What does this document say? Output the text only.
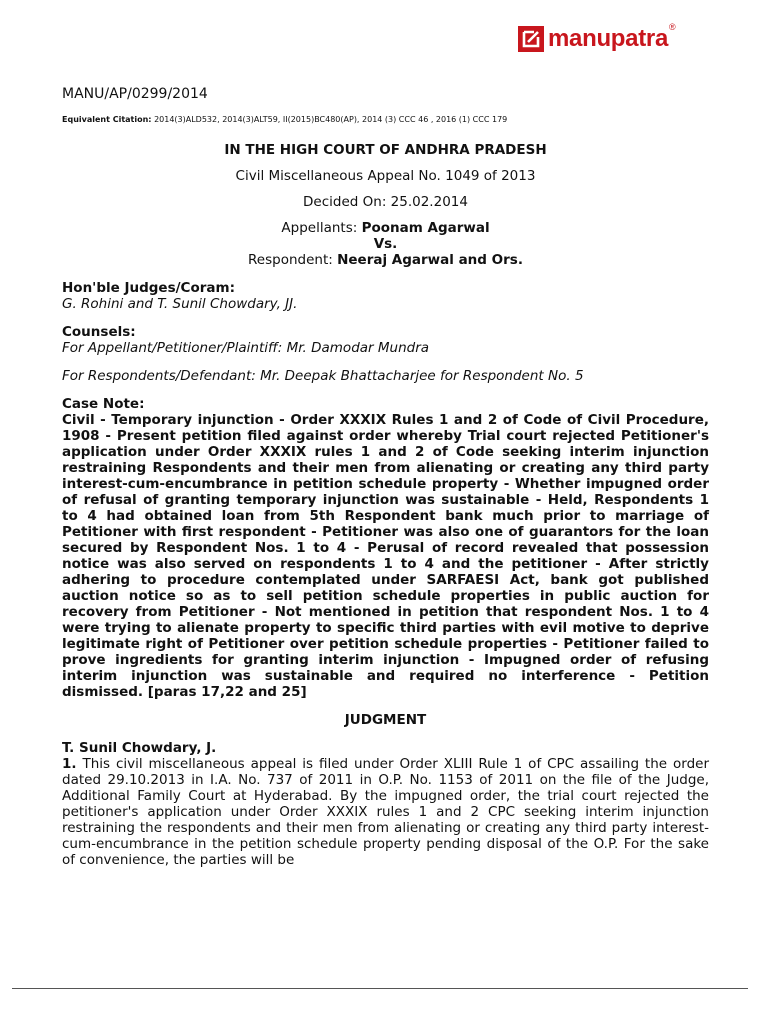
manupatra ®
MANU/AP/0299/2014
Equivalent Citation: 2014(3)ALD532, 2014(3)ALT59, II(2015)BC480(AP), 2014 (3) CCC 46 , 2016 (1) CCC 179
IN THE HIGH COURT OF ANDHRA PRADESH
Civil Miscellaneous Appeal No. 1049 of 2013
Decided On: 25.02.2014
Appellants: Poonam Agarwal
Vs.
Respondent: Neeraj Agarwal and Ors.
Hon'ble Judges/Coram:
G. Rohini and T. Sunil Chowdary, JJ.
Counsels:
For Appellant/Petitioner/Plaintiff: Mr. Damodar Mundra
For Respondents/Defendant: Mr. Deepak Bhattacharjee for Respondent No. 5
Case Note:

Civil - Temporary injunction - Order XXXIX Rules 1 and 2 of Code of Civil Procedure, 1908 - Present petition filed against order whereby Trial court rejected Petitioner's application under Order XXXIX rules 1 and 2 of Code seeking interim injunction restraining Respondents and their men from alienating or creating any third party interest-cum-encumbrance in petition schedule property - Whether impugned order of refusal of granting temporary injunction was sustainable - Held, Respondents 1 to 4 had obtained loan from 5th Respondent bank much prior to marriage of Petitioner with first respondent - Petitioner was also one of guarantors for the loan secured by Respondent Nos. 1 to 4 - Perusal of record revealed that possession notice was also served on respondents 1 to 4 and the petitioner - After strictly adhering to procedure contemplated under SARFAESI Act, bank got published auction notice so as to sell petition schedule properties in public auction for recovery from Petitioner - Not mentioned in petition that respondent Nos. 1 to 4 were trying to alienate property to specific third parties with evil motive to deprive legitimate right of Petitioner over petition schedule properties - Petitioner failed to prove ingredients for granting interim injunction - Impugned order of refusing interim injunction was sustainable and required no interference - Petition dismissed. [paras 17,22 and 25]

JUDGMENT
T. Sunil Chowdary, J.

1. This civil miscellaneous appeal is filed under Order XLIII Rule 1 of CPC assailing the order dated 29.10.2013 in I.A. No. 737 of 2011 in O.P. No. 1153 of 2011 on the file of the Judge, Additional Family Court at Hyderabad. By the impugned order, the trial court rejected the petitioner's application under Order XXXIX rules 1 and 2 CPC seeking interim injunction restraining the respondents and their men from alienating or creating any third party interest-cum-encumbrance in the petition schedule property pending disposal of the O.P. For the sake of convenience, the parties will be
